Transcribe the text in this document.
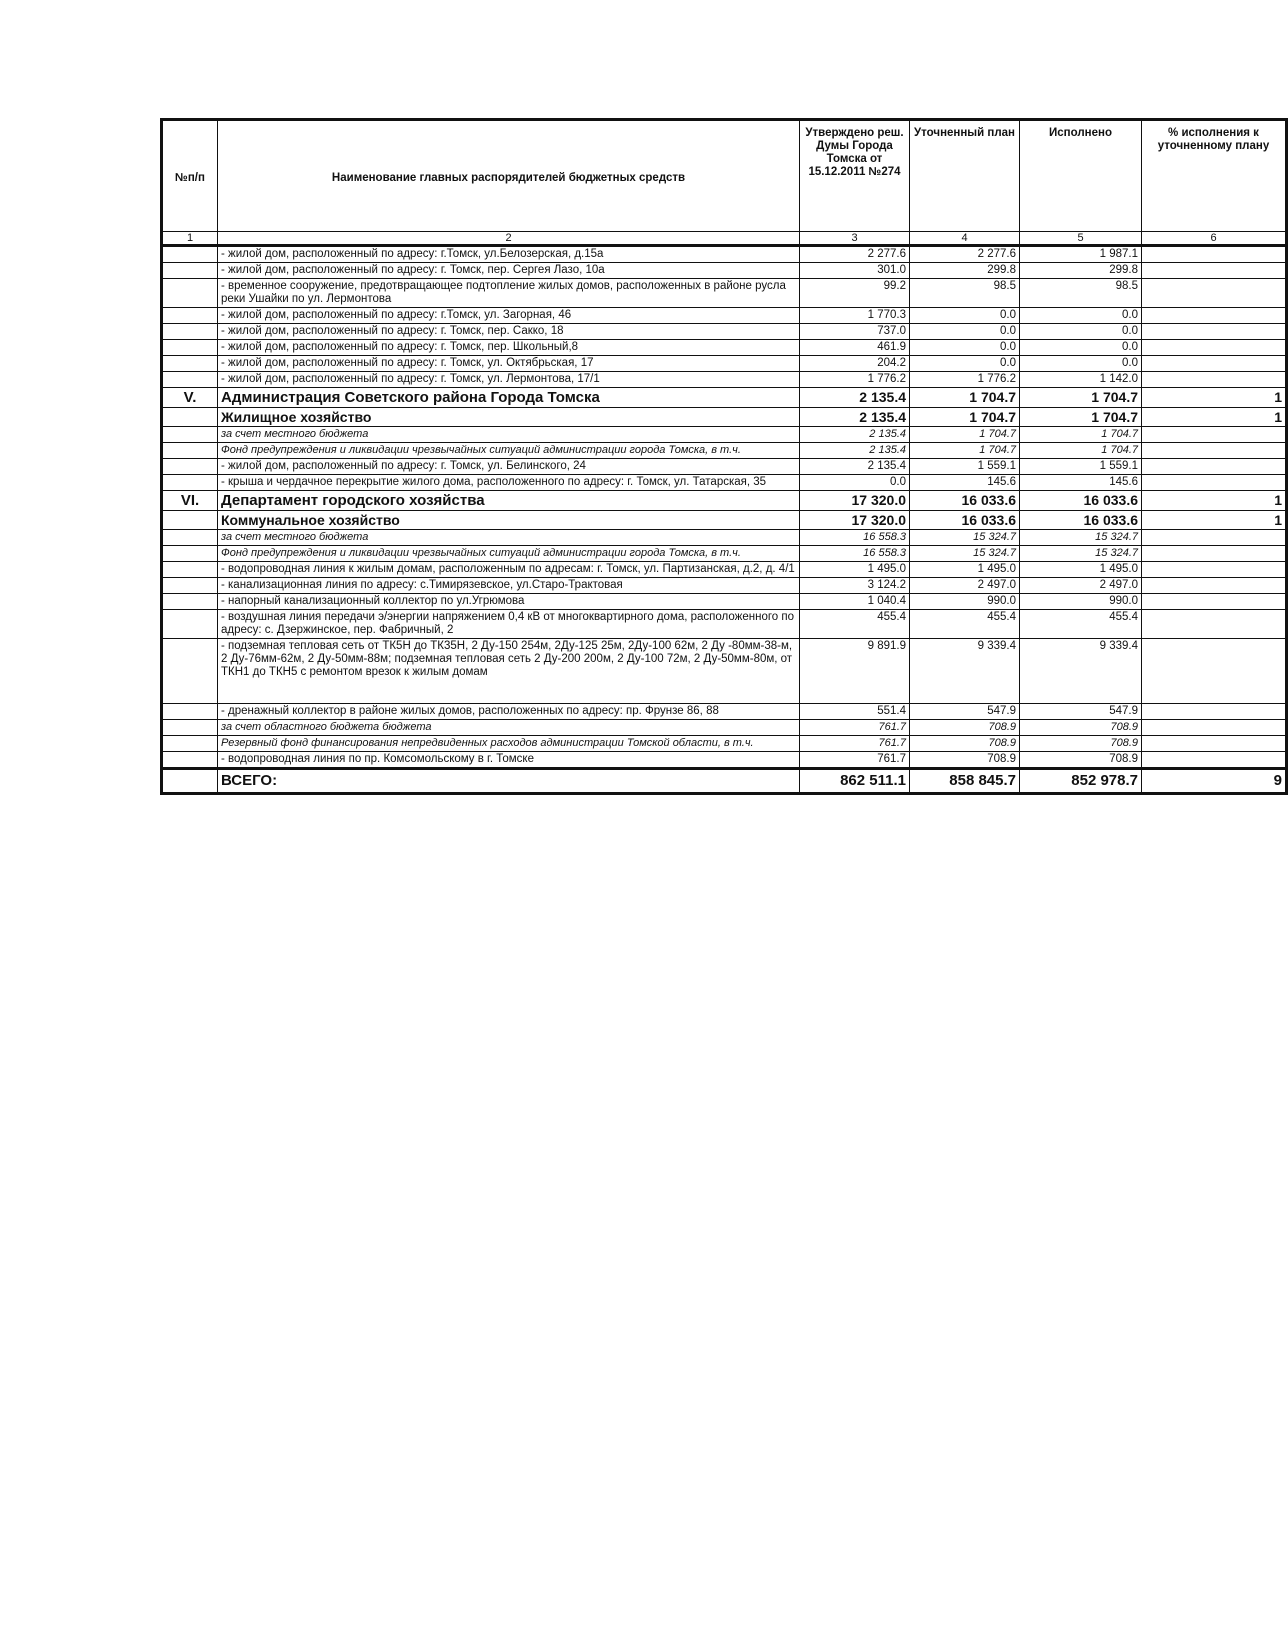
№п/п	Наименование главных распорядителей бюджетных средств	Утверждено реш. Думы Города Томска от 15.12.2011 №274	Уточненный план	Исполнено	% исполнения к уточненному плану
1	2	3	4	5	6
	- жилой дом, расположенный по адресу: г.Томск, ул.Белозерская, д.15а	2 277.6	2 277.6	1 987.1	
	- жилой дом, расположенный по адресу: г. Томск, пер. Сергея Лазо, 10а	301.0	299.8	299.8	
	- временное сооружение, предотвращающее подтопление жилых домов, расположенных в районе русла реки Ушайки по ул. Лермонтова	99.2	98.5	98.5	
	- жилой дом, расположенный по адресу: г.Томск, ул. Загорная, 46	1 770.3	0.0	0.0	
	- жилой дом, расположенный по адресу: г. Томск, пер. Сакко, 18	737.0	0.0	0.0	
	- жилой дом, расположенный по адресу: г. Томск, пер. Школьный,8	461.9	0.0	0.0	
	- жилой дом, расположенный по адресу: г. Томск, ул. Октябрьская, 17	204.2	0.0	0.0	
	- жилой дом, расположенный по адресу: г. Томск, ул. Лермонтова, 17/1	1 776.2	1 776.2	1 142.0	
V.	Администрация Советского района Города Томска	2 135.4	1 704.7	1 704.7	1
	Жилищное хозяйство	2 135.4	1 704.7	1 704.7	1
	за счет местного бюджета	2 135.4	1 704.7	1 704.7	
	Фонд предупреждения и ликвидации чрезвычайных ситуаций администрации города Томска, в т.ч.	2 135.4	1 704.7	1 704.7	
	- жилой дом, расположенный по адресу: г. Томск, ул. Белинского, 24	2 135.4	1 559.1	1 559.1	
	- крыша и чердачное перекрытие жилого дома, расположенного по адресу: г. Томск, ул. Татарская, 35	0.0	145.6	145.6	
VI.	Департамент городского хозяйства	17 320.0	16 033.6	16 033.6	1
	Коммунальное хозяйство	17 320.0	16 033.6	16 033.6	1
	за счет местного бюджета	16 558.3	15 324.7	15 324.7	
	Фонд предупреждения и ликвидации чрезвычайных ситуаций администрации города Томска, в т.ч.	16 558.3	15 324.7	15 324.7	
	- водопроводная линия к жилым домам, расположенным по адресам: г. Томск, ул. Партизанская, д.2, д. 4/1	1 495.0	1 495.0	1 495.0	
	- канализационная линия по адресу: с.Тимирязевское, ул.Старо-Трактовая	3 124.2	2 497.0	2 497.0	
	- напорный канализационный коллектор по ул.Угрюмова	1 040.4	990.0	990.0	
	- воздушная линия передачи э/энергии напряжением 0,4 кВ от многоквартирного дома, расположенного по адресу: с. Дзержинское, пер. Фабричный, 2	455.4	455.4	455.4	
	- подземная тепловая сеть от ТК5Н до ТК35Н, 2 Ду-150 254м, 2Ду-125 25м, 2Ду-100 62м, 2 Ду -80мм-38-м, 2 Ду-76мм-62м, 2 Ду-50мм-88м; подземная тепловая сеть 2 Ду-200 200м, 2 Ду-100 72м, 2 Ду-50мм-80м, от ТКН1 до ТКН5 с ремонтом врезок к жилым домам	9 891.9	9 339.4	9 339.4	
	- дренажный коллектор в районе жилых домов, расположенных по адресу: пр. Фрунзе 86, 88	551.4	547.9	547.9	
	за счет областного бюджета бюджета	761.7	708.9	708.9	
	Резервный фонд финансирования непредвиденных расходов администрации Томской области, в т.ч.	761.7	708.9	708.9	
	- водопроводная линия по пр. Комсомольскому в г. Томске	761.7	708.9	708.9	
	ВСЕГО:	862 511.1	858 845.7	852 978.7	9
